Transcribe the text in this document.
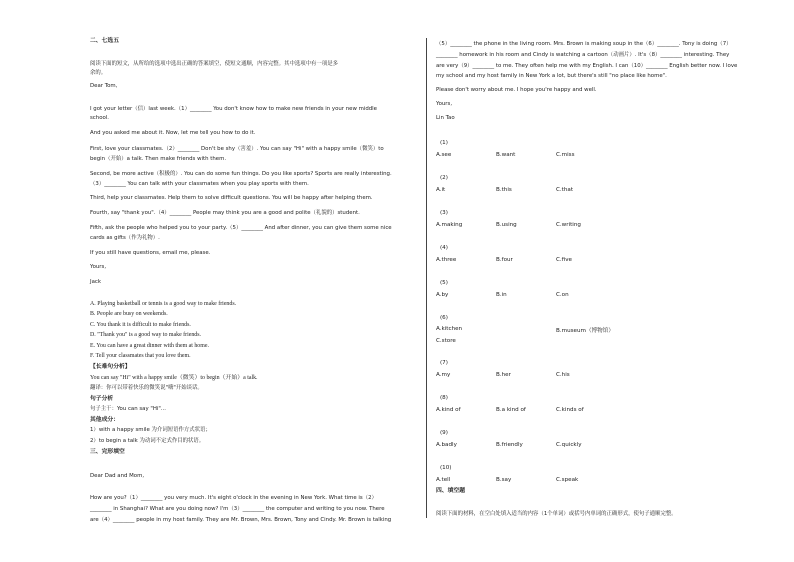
二、七选五
阅读下面的短文，从所给的选项中选出正确的答案填空，使短文通顺，内容完整。其中选项中有一项是多
余的。
Dear Tom,
I got your letter（信）last week.（1）________ You don't know how to make new friends in your new middle
school.
And you asked me about it. Now, let me tell you how to do it.
First, love your classmates.（2）________ Don't be shy（害羞）. You can say "Hi" with a happy smile（微笑）to
begin（开始）a talk. Then make friends with them.
Second, be more active（积极的）. You can do some fun things. Do you like sports? Sports are really interesting.
（3）________ You can talk with your classmates when you play sports with them.
Third, help your classmates. Help them to solve difficult questions. You will be happy after helping them.
Fourth, say "thank you".（4）________ People may think you are a good and polite（礼貌的）student.
Fifth, ask the people who helped you to your party.（5）________ And after dinner, you can give them some nice
cards as gifts（作为礼物）.
If you still have questions, email me, please.
Yours,
Jack
A. Playing basketball or tennis is a good way to make friends.
B. People are busy on weekends.
C. You thank it is difficult to make friends.
D. "Thank you" is a good way to make friends.
E. You can have a great dinner with them at home.
F. Tell your classmates that you love them.
【长难句分析】
You can say "Hi" with a happy smile（微笑）to begin（开始）a talk.
翻译：你可以带着快乐的微笑说"嗨"开始谈话。
句子分析
句子主干：You can say "Hi"...
其他成分：
1）with a happy smile 为介词短语作方式状语；
2）to begin a talk 为动词不定式作目的状语。
三、完形填空
Dear Dad and Mom,
How are you?（1）________ you very much. It's eight o'clock in the evening in New York. What time is（2）
________ in Shanghai? What are you doing now? I'm（3）________ the computer and writing to you now. There
are（4）________ people in my host family. They are Mr. Brown, Mrs. Brown, Tony and Cindy. Mr. Brown is talking
（5）________ the phone in the living room. Mrs. Brown is making soup in the（6）________. Tony is doing（7）
________ homework in his room and Cindy is watching a cartoon（动画片）. It's（8）________ interesting. They
are very（9）________ to me. They often help me with my English. I can（10）________ English better now. I love
my school and my host family in New York a lot, but there's still "no place like home".
Please don't worry about me. I hope you're happy and well.
Yours,
Lin Tao
(1)
A.see	B.want	C.miss
(2)
A.it	B.this	C.that
(3)
A.making	B.using	C.writing
(4)
A.three	B.four	C.five
(5)
A.by	B.in	C.on
(6)
A.kitchen	B.museum（博物馆）
C.store
(7)
A.my	B.her	C.his
(8)
A.kind of	B.a kind of	C.kinds of
(9)
A.badly	B.friendly	C.quickly
(10)
A.tell	B.say	C.speak
四、填空题
阅读下面的材料，在空白处填入适当的内容（1个单词）或括号内单词的正确形式，使句子通顺完整。
